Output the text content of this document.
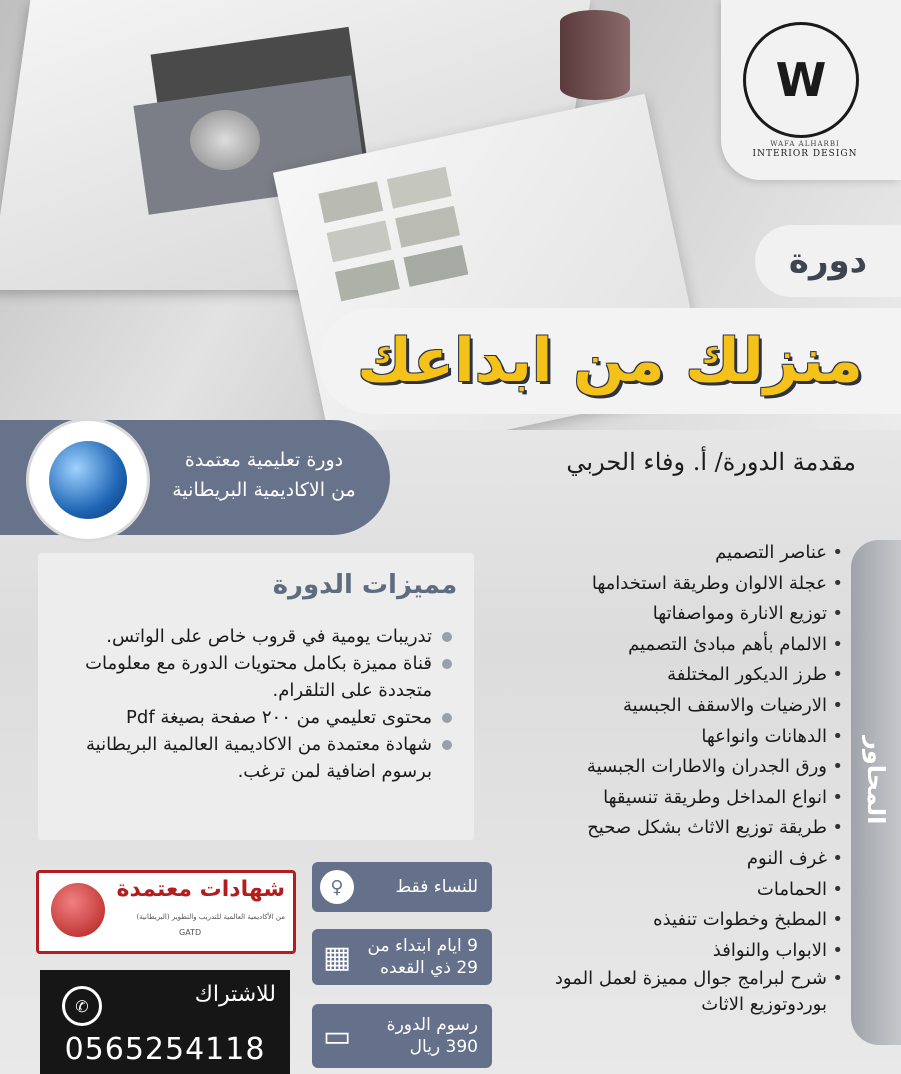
W
WAFA ALHARBI
INTERIOR DESIGN
دورة
منزلك من ابداعك
دورة تعليمية معتمدة
من الاكاديمية البريطانية
مقدمة الدورة/ أ. وفاء الحربي
تدريبات يومية في قروب خاص على الواتس.
قناة مميزة بكامل محتويات الدورة مع معلومات متجددة على التلقرام.
محتوى تعليمي من ٢٠٠ صفحة بصيغة Pdf
شهادة معتمدة من الاكاديمية العالمية البريطانية برسوم اضافية لمن ترغب.
مميزات الدورة
المحاور
• عناصر التصميم
• عجلة الالوان وطريقة استخدامها
• توزيع الانارة ومواصفاتها
• الالمام بأهم مبادئ التصميم
• طرز الديكور المختلفة
• الارضيات والاسقف الجبسية
• الدهانات وانواعها
• ورق الجدران والاطارات الجبسية
• انواع المداخل وطريقة تنسيقها
• طريقة توزيع الاثاث بشكل صحيح
• غرف النوم
• الحمامات
• المطبخ وخطوات تنفيذه
• الابواب والنوافذ
• شرح لبرامج جوال مميزة لعمل المود بوردوتوزيع الاثاث
للنساء فقط
♀
9 ايام ابتداء من
29 ذي القعده
▦
رسوم الدورة
390 ريال
▭
شهادات معتمدة
من الأكاديمية العالمية للتدريب والتطوير (البريطانية)
GATD
للاشتراك
✆
0565254118
